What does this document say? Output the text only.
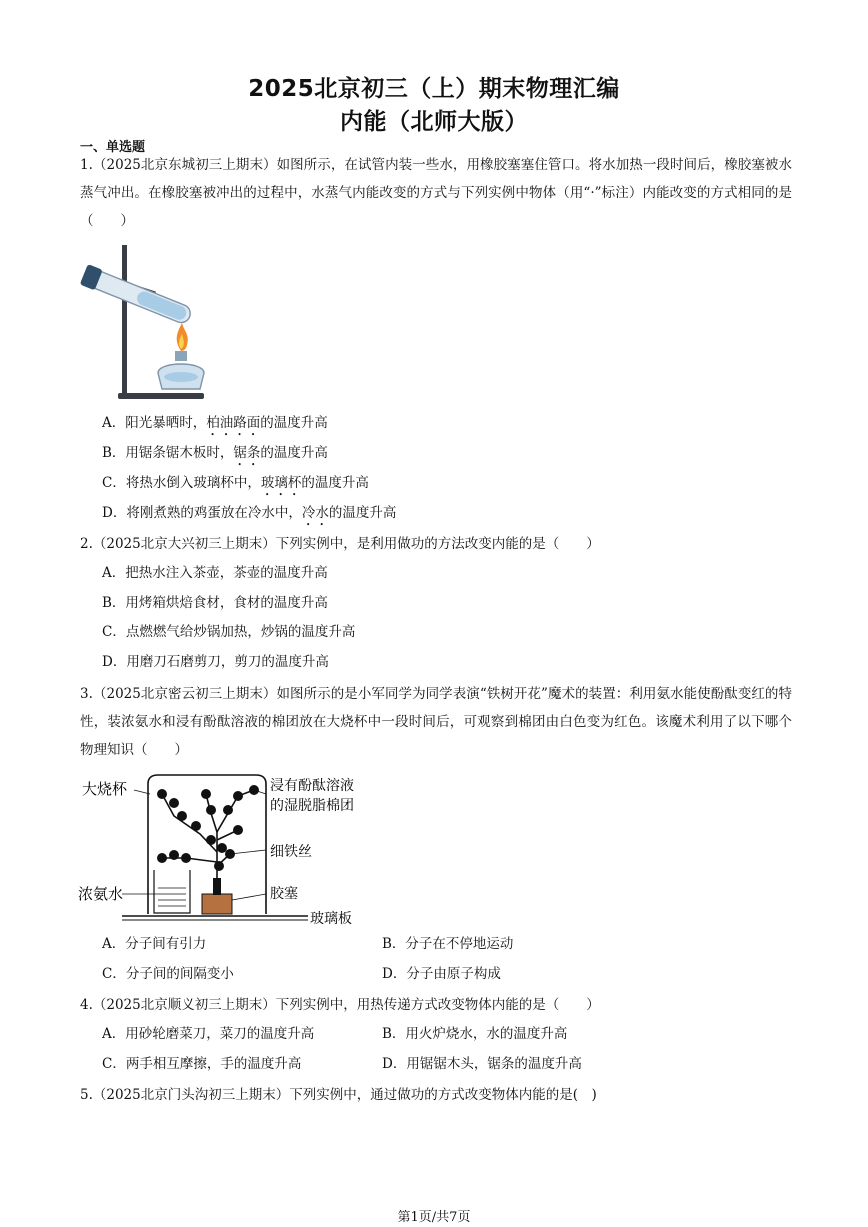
2025北京初三（上）期末物理汇编
内能（北师大版）
一、单选题
1.（2025北京东城初三上期末）如图所示，在试管内装一些水，用橡胶塞塞住管口。将水加热一段时间后，橡胶塞被水蒸气冲出。在橡胶塞被冲出的过程中，水蒸气内能改变的方式与下列实例中物体（用“·”标注）内能改变的方式相同的是（　　）
A．阳光暴晒时，柏油路面的温度升高
B．用锯条锯木板时，锯条的温度升高
C．将热水倒入玻璃杯中，玻璃杯的温度升高
D．将刚煮熟的鸡蛋放在冷水中，冷水的温度升高
2.（2025北京大兴初三上期末）下列实例中，是利用做功的方法改变内能的是（　　）
A．把热水注入茶壶，茶壶的温度升高
B．用烤箱烘焙食材，食材的温度升高
C．点燃燃气给炒锅加热，炒锅的温度升高
D．用磨刀石磨剪刀，剪刀的温度升高
3.（2025北京密云初三上期末）如图所示的是小军同学为同学表演“铁树开花”魔术的装置：利用氨水能使酚酞变红的特性，装浓氨水和浸有酚酞溶液的棉团放在大烧杯中一段时间后，可观察到棉团由白色变为红色。该魔术利用了以下哪个物理知识（　　）
大烧杯	浸有酚酞溶液
的湿脱脂棉团
细铁丝
浓氨水	胶塞
玻璃板
A．分子间有引力	B．分子在不停地运动
C．分子间的间隔变小	D．分子由原子构成
4.（2025北京顺义初三上期末）下列实例中，用热传递方式改变物体内能的是（　　）
A．用砂轮磨菜刀，菜刀的温度升高	B．用火炉烧水，水的温度升高
C．两手相互摩擦，手的温度升高	D．用锯锯木头，锯条的温度升高
5.（2025北京门头沟初三上期末）下列实例中，通过做功的方式改变物体内能的是(　)
第1页/共7页
